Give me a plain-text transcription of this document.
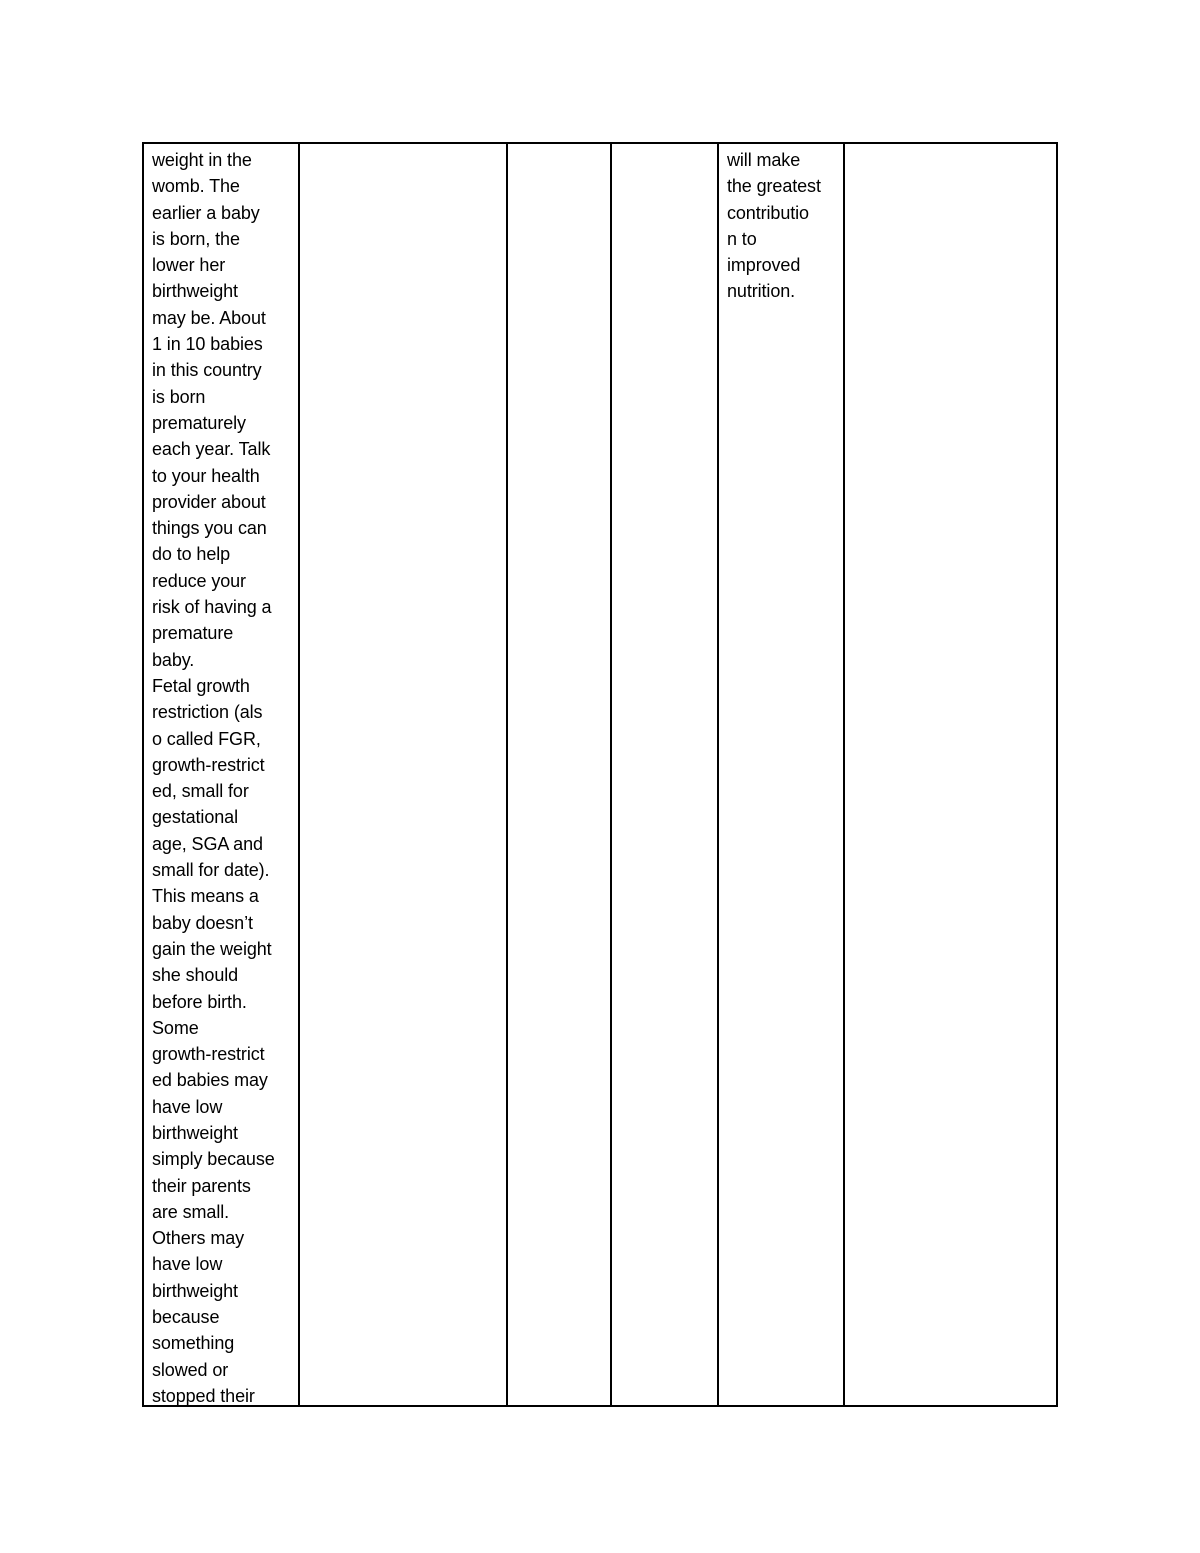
weight in the
womb. The
earlier a baby
is born, the
lower her
birthweight
may be. About
1 in 10 babies
in this country
is born
prematurely
each year. Talk
to your health
provider about
things you can
do to help
reduce your
risk of having a
premature
baby.
Fetal growth
restriction (als
o called FGR,
growth-restrict
ed, small for
gestational
age, SGA and
small for date).
This means a
baby doesn’t
gain the weight
she should
before birth.
Some
growth-restrict
ed babies may
have low
birthweight
simply because
their parents
are small.
Others may
have low
birthweight
because
something
slowed or
stopped their
will make
the greatest
contributio
n to
improved
nutrition.
